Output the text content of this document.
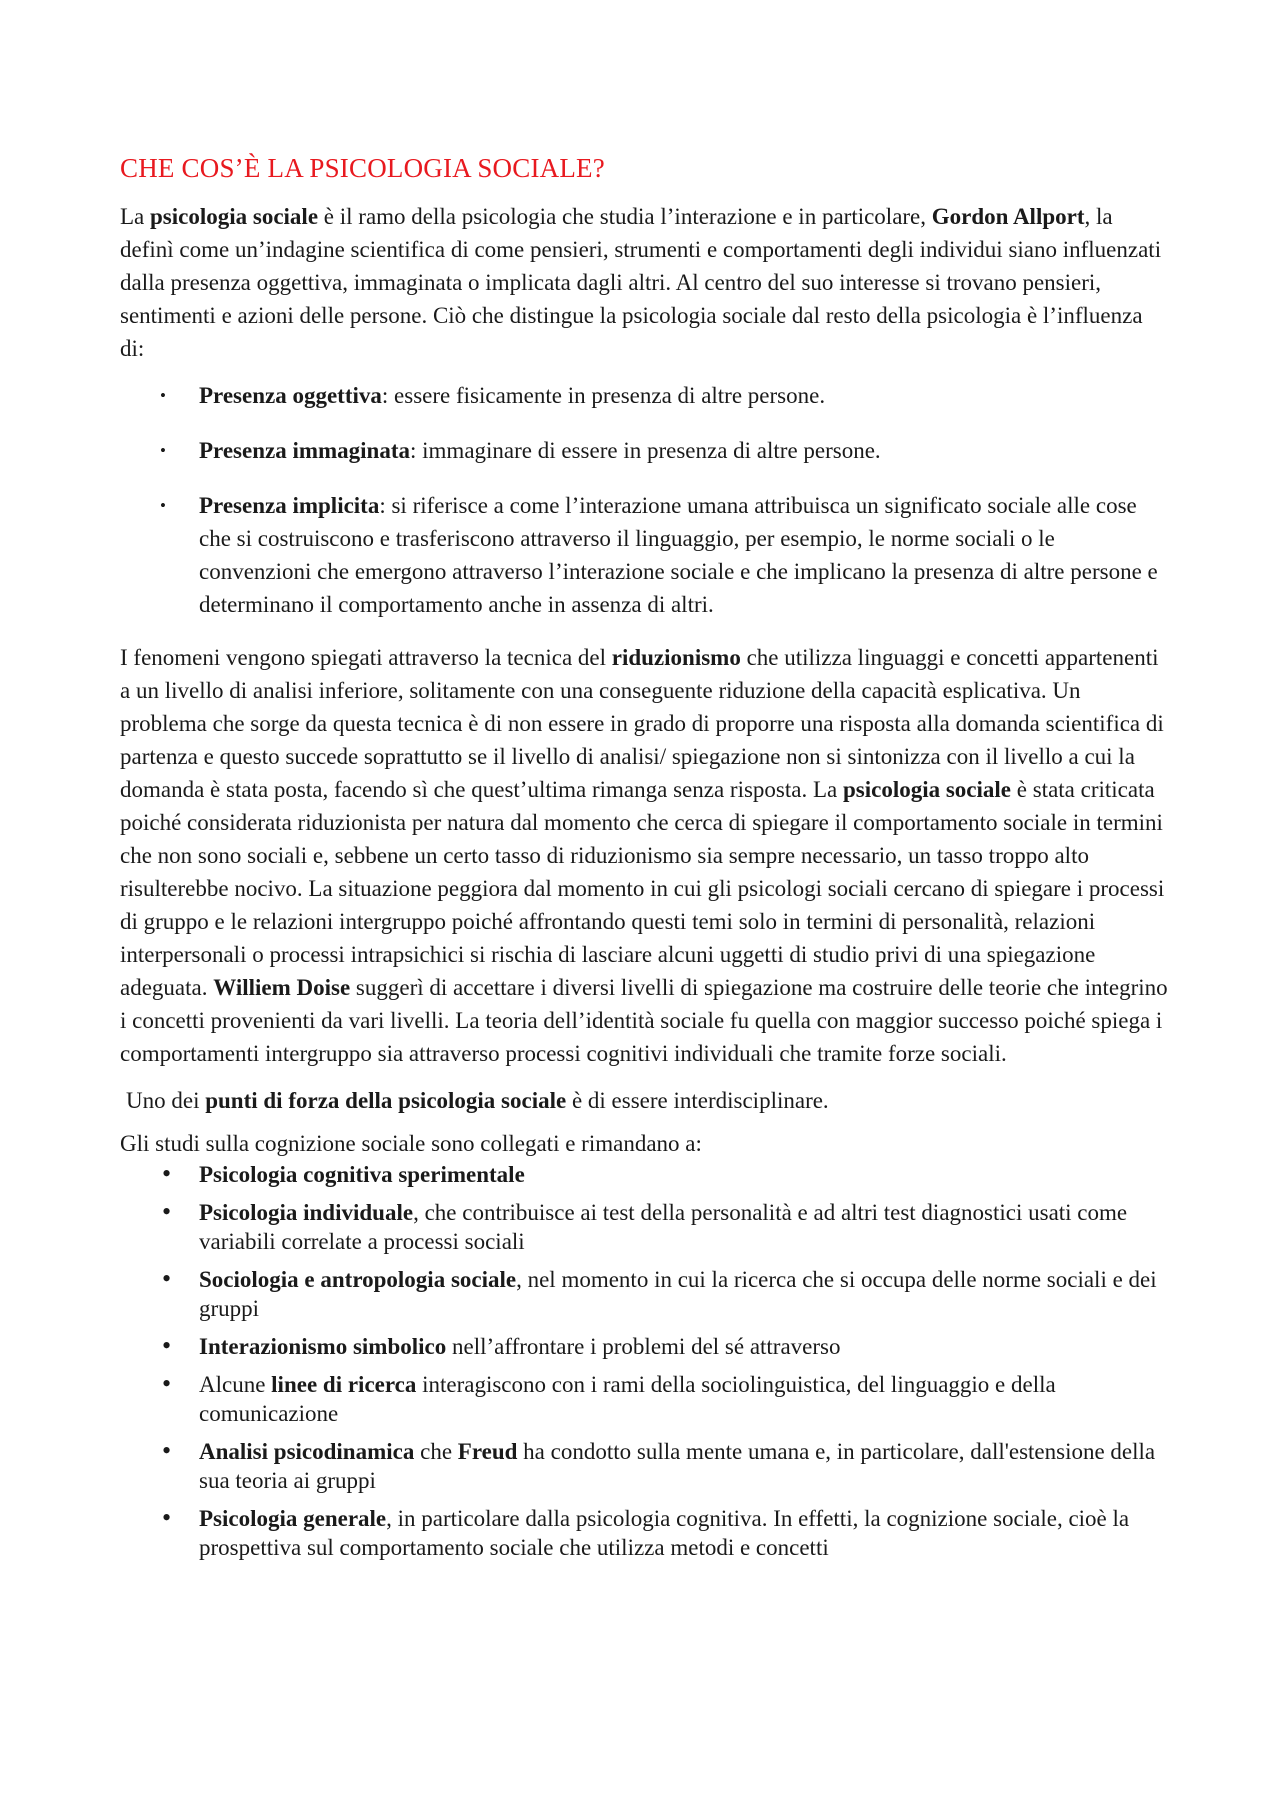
CHE COS’È LA PSICOLOGIA SOCIALE?

La psicologia sociale è il ramo della psicologia che studia l’interazione e in particolare, Gordon Allport, la definì come un’indagine scientifica di come pensieri, strumenti e comportamenti degli individui siano influenzati dalla presenza oggettiva, immaginata o implicata dagli altri. Al centro del suo interesse si trovano pensieri, sentimenti e azioni delle persone. Ciò che distingue la psicologia sociale dal resto della psicologia è l’influenza di:

• Presenza oggettiva: essere fisicamente in presenza di altre persone.
• Presenza immaginata: immaginare di essere in presenza di altre persone.
• Presenza implicita: si riferisce a come l’interazione umana attribuisca un significato sociale alle cose che si costruiscono e trasferiscono attraverso il linguaggio, per esempio, le norme sociali o le convenzioni che emergono attraverso l’interazione sociale e che implicano la presenza di altre persone e determinano il comportamento anche in assenza di altri.

I fenomeni vengono spiegati attraverso la tecnica del riduzionismo che utilizza linguaggi e concetti appartenenti a un livello di analisi inferiore, solitamente con una conseguente riduzione della capacità esplicativa. Un problema che sorge da questa tecnica è di non essere in grado di proporre una risposta alla domanda scientifica di partenza e questo succede soprattutto se il livello di analisi/ spiegazione non si sintonizza con il livello a cui la domanda è stata posta, facendo sì che quest’ultima rimanga senza risposta. La psicologia sociale è stata criticata poiché considerata riduzionista per natura dal momento che cerca di spiegare il comportamento sociale in termini che non sono sociali e, sebbene un certo tasso di riduzionismo sia sempre necessario, un tasso troppo alto risulterebbe nocivo. La situazione peggiora dal momento in cui gli psicologi sociali cercano di spiegare i processi di gruppo e le relazioni intergruppo poiché affrontando questi temi solo in termini di personalità, relazioni interpersonali o processi intrapsichici si rischia di lasciare alcuni uggetti di studio privi di una spiegazione adeguata. Williem Doise suggerì di accettare i diversi livelli di spiegazione ma costruire delle teorie che integrino i concetti provenienti da vari livelli. La teoria dell’identità sociale fu quella con maggior successo poiché spiega i comportamenti intergruppo sia attraverso processi cognitivi individuali che tramite forze sociali.

Uno dei punti di forza della psicologia sociale è di essere interdisciplinare.

Gli studi sulla cognizione sociale sono collegati e rimandano a:

• Psicologia cognitiva sperimentale
• Psicologia individuale, che contribuisce ai test della personalità e ad altri test diagnostici usati come variabili correlate a processi sociali
• Sociologia e antropologia sociale, nel momento in cui la ricerca che si occupa delle norme sociali e dei gruppi
• Interazionismo simbolico nell’affrontare i problemi del sé attraverso
• Alcune linee di ricerca interagiscono con i rami della sociolinguistica, del linguaggio e della comunicazione
• Analisi psicodinamica che Freud ha condotto sulla mente umana e, in particolare, dall'estensione della sua teoria ai gruppi
• Psicologia generale, in particolare dalla psicologia cognitiva. In effetti, la cognizione sociale, cioè la prospettiva sul comportamento sociale che utilizza metodi e concetti
